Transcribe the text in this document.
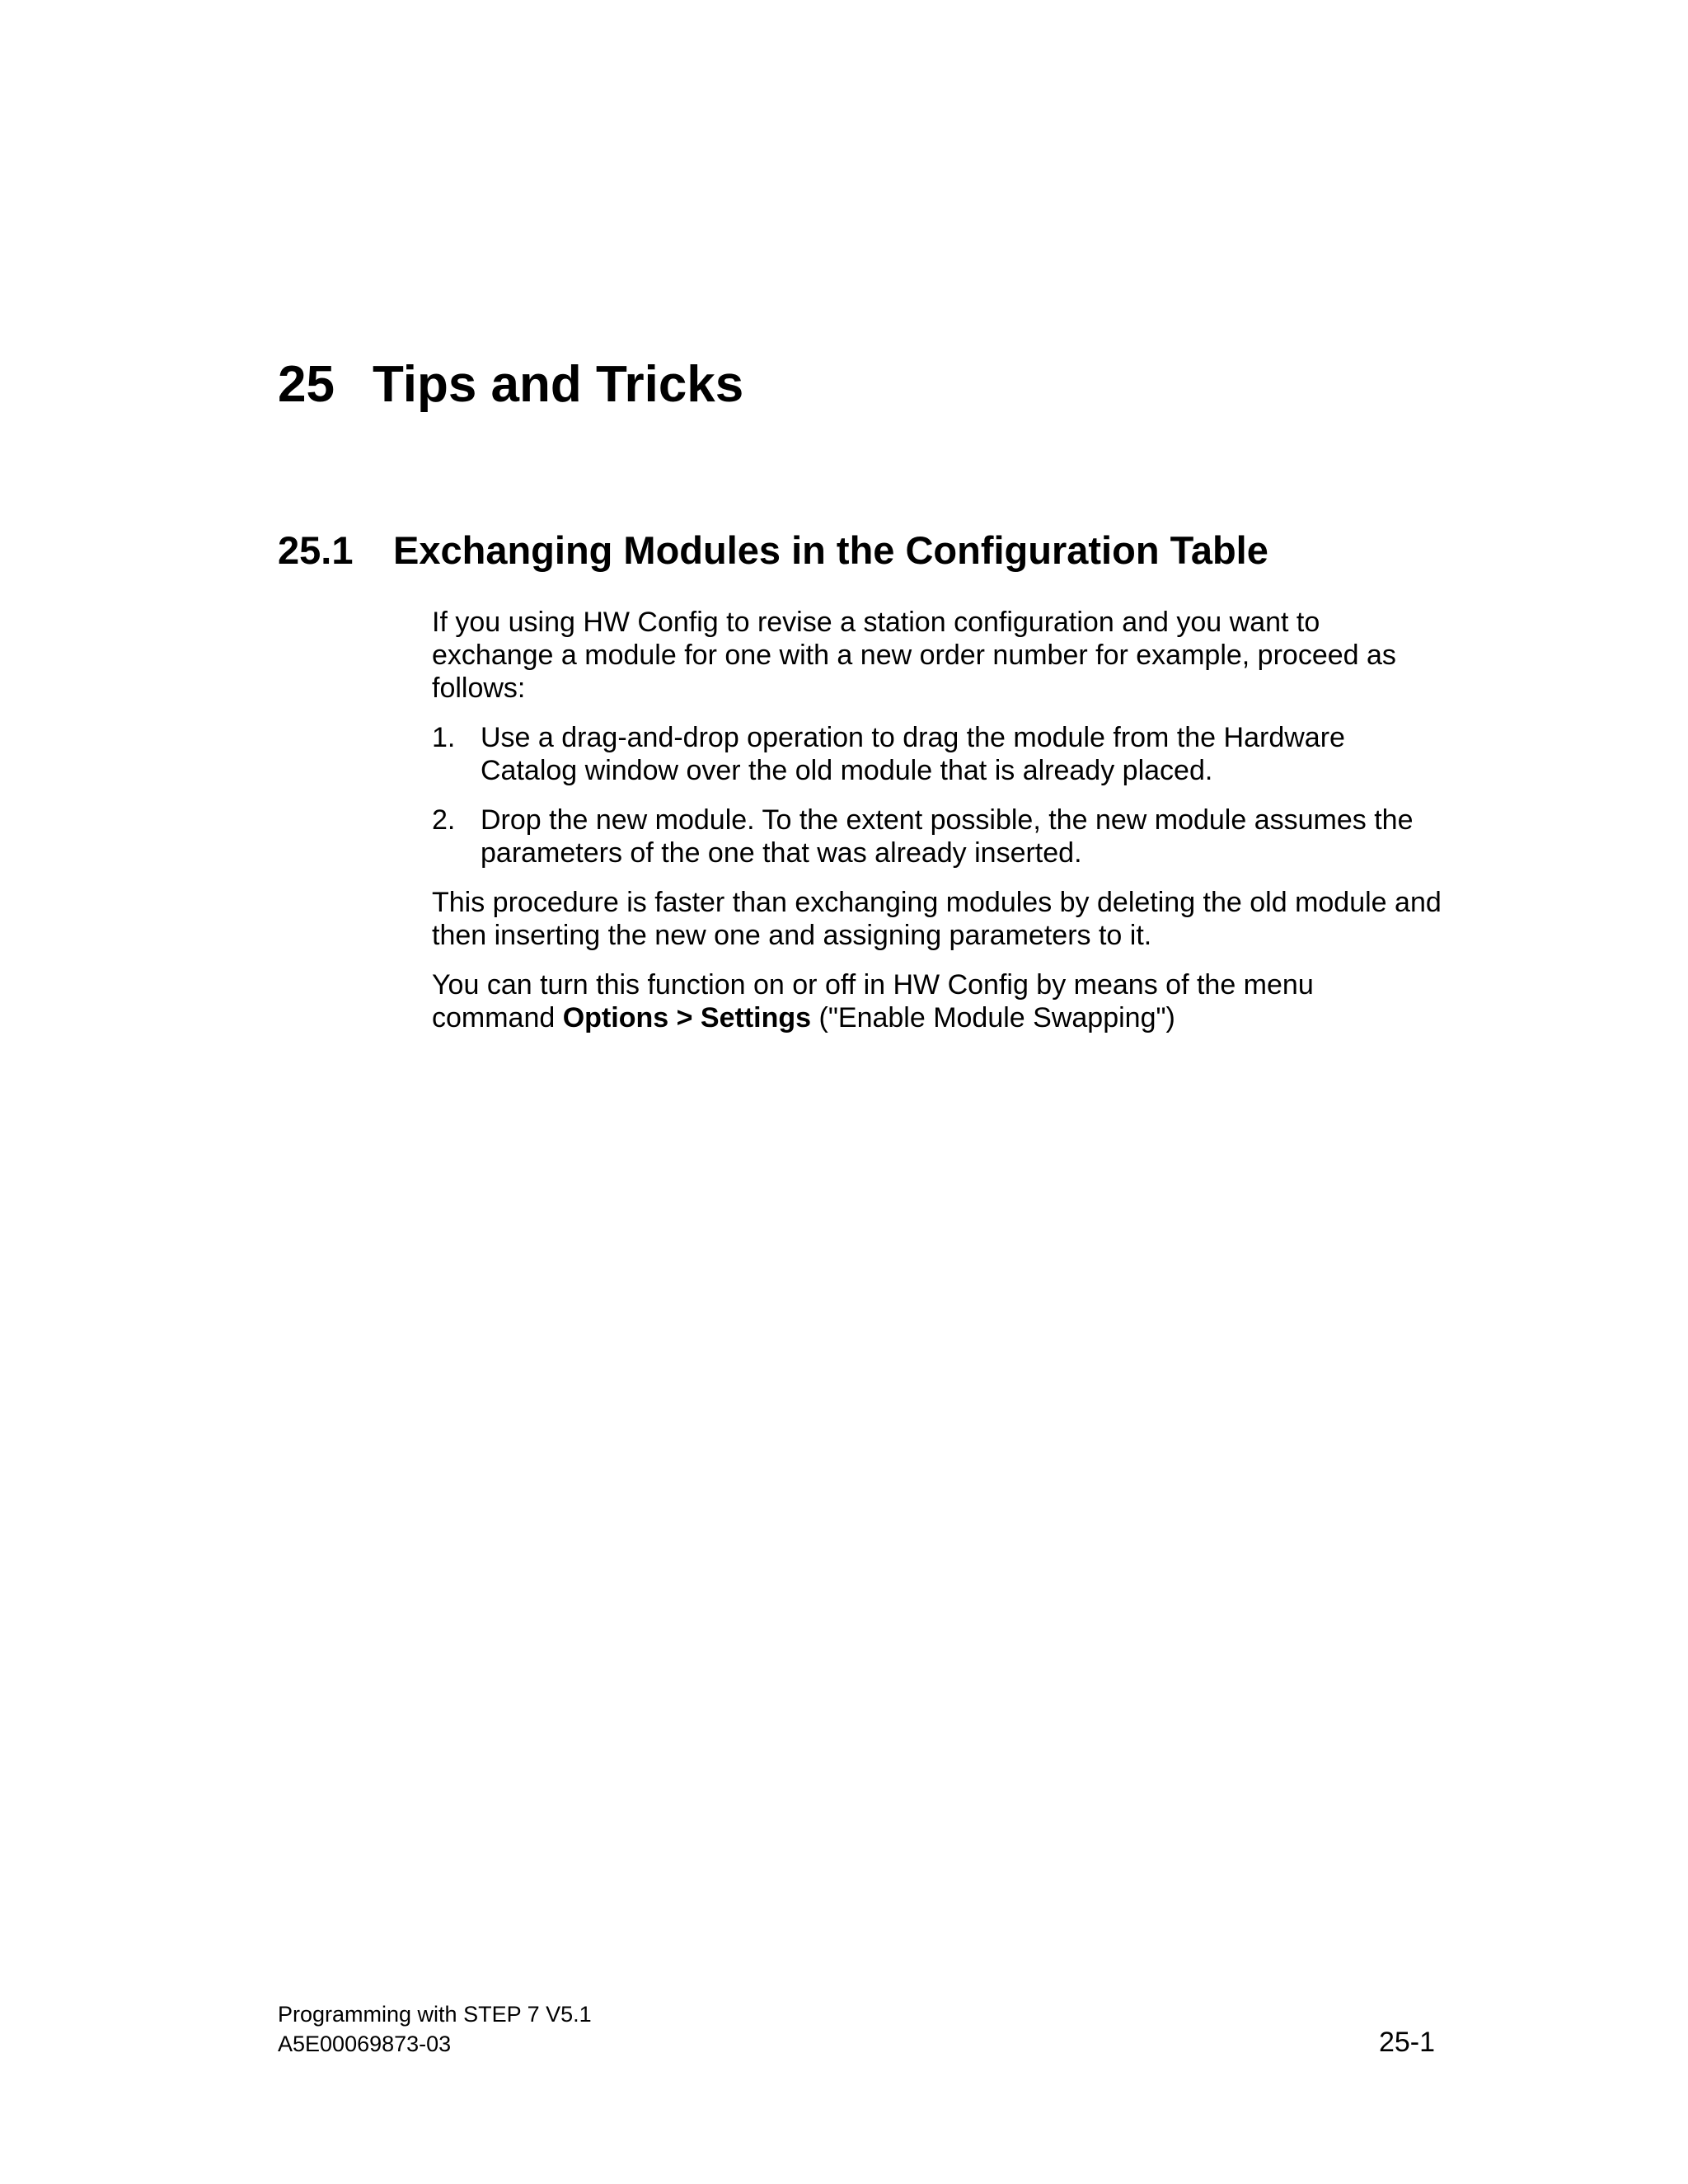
25 Tips and Tricks
25.1 Exchanging Modules in the Configuration Table

If you using HW Config to revise a station configuration and you want to exchange a module for one with a new order number for example, proceed as follows:

1. Use a drag-and-drop operation to drag the module from the Hardware Catalog window over the old module that is already placed.
2. Drop the new module. To the extent possible, the new module assumes the parameters of the one that was already inserted.

This procedure is faster than exchanging modules by deleting the old module and then inserting the new one and assigning parameters to it.

You can turn this function on or off in HW Config by means of the menu command Options > Settings ("Enable Module Swapping")

Programming with STEP 7 V5.1
A5E00069873-03	25-1
